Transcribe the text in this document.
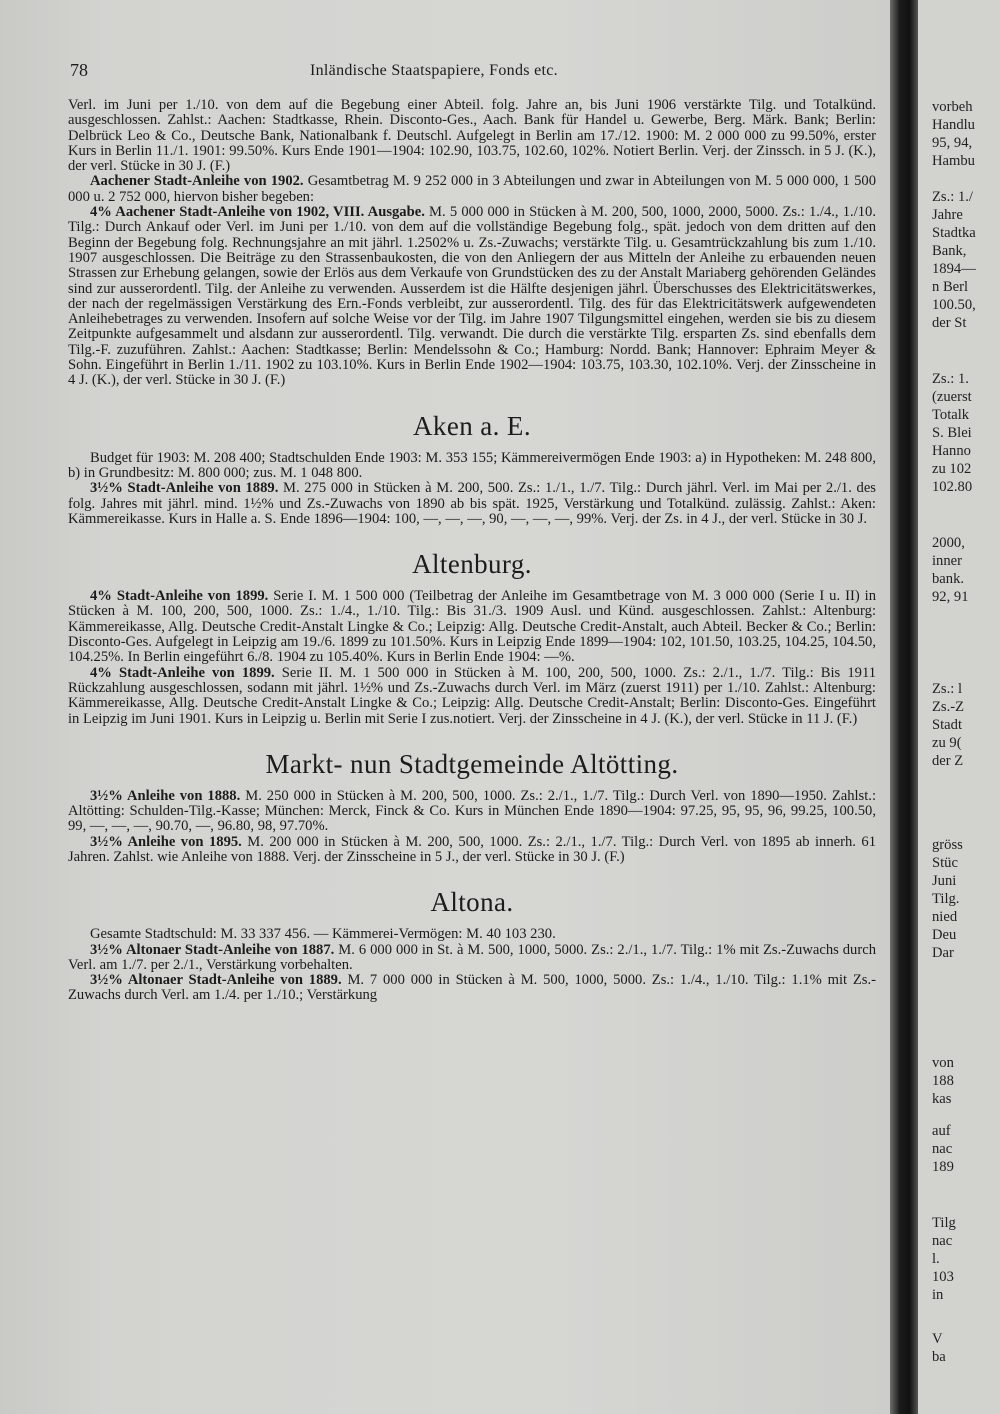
78	Inländische Staatspapiere, Fonds etc.

Verl. im Juni per 1./10. von dem auf die Begebung einer Abteil. folg. Jahre an, bis Juni 1906 verstärkte Tilg. und Totalkünd. ausgeschlossen. Zahlst.: Aachen: Stadtkasse, Rhein. Disconto-Ges., Aach. Bank für Handel u. Gewerbe, Berg. Märk. Bank; Berlin: Delbrück Leo & Co., Deutsche Bank, Nationalbank f. Deutschl. Aufgelegt in Berlin am 17./12. 1900: M. 2 000 000 zu 99.50%, erster Kurs in Berlin 11./1. 1901: 99.50%. Kurs Ende 1901—1904: 102.90, 103.75, 102.60, 102%. Notiert Berlin. Verj. der Zinssch. in 5 J. (K.), der verl. Stücke in 30 J. (F.)

Aachener Stadt-Anleihe von 1902. Gesamtbetrag M. 9 252 000 in 3 Abteilungen und zwar in Abteilungen von M. 5 000 000, 1 500 000 u. 2 752 000, hiervon bisher begeben:

4% Aachener Stadt-Anleihe von 1902, VIII. Ausgabe. M. 5 000 000 in Stücken à M. 200, 500, 1000, 2000, 5000. Zs.: 1./4., 1./10. Tilg.: Durch Ankauf oder Verl. im Juni per 1./10. von dem auf die vollständige Begebung folg., spät. jedoch von dem dritten auf den Beginn der Begebung folg. Rechnungsjahre an mit jährl. 1.2502% u. Zs.-Zuwachs; verstärkte Tilg. u. Gesamtrückzahlung bis zum 1./10. 1907 ausgeschlossen. Die Beiträge zu den Strassenbaukosten, die von den Anliegern der aus Mitteln der Anleihe zu erbauenden neuen Strassen zur Erhebung gelangen, sowie der Erlös aus dem Verkaufe von Grundstücken des zu der Anstalt Mariaberg gehörenden Geländes sind zur ausserordentl. Tilg. der Anleihe zu verwenden. Ausserdem ist die Hälfte desjenigen jährl. Überschusses des Elektricitätswerkes, der nach der regelmässigen Verstärkung des Ern.-Fonds verbleibt, zur ausserordentl. Tilg. des für das Elektricitätswerk aufgewendeten Anleihebetrages zu verwenden. Insofern auf solche Weise vor der Tilg. im Jahre 1907 Tilgungsmittel eingehen, werden sie bis zu diesem Zeitpunkte aufgesammelt und alsdann zur ausserordentl. Tilg. verwandt. Die durch die verstärkte Tilg. ersparten Zs. sind ebenfalls dem Tilg.-F. zuzuführen. Zahlst.: Aachen: Stadtkasse; Berlin: Mendelssohn & Co.; Hamburg: Nordd. Bank; Hannover: Ephraim Meyer & Sohn. Eingeführt in Berlin 1./11. 1902 zu 103.10%. Kurs in Berlin Ende 1902—1904: 103.75, 103.30, 102.10%. Verj. der Zinsscheine in 4 J. (K.), der verl. Stücke in 30 J. (F.)

Aken a. E.

Budget für 1903: M. 208 400; Stadtschulden Ende 1903: M. 353 155; Kämmereivermögen Ende 1903: a) in Hypotheken: M. 248 800, b) in Grundbesitz: M. 800 000; zus. M. 1 048 800.

3½% Stadt-Anleihe von 1889. M. 275 000 in Stücken à M. 200, 500. Zs.: 1./1., 1./7. Tilg.: Durch jährl. Verl. im Mai per 2./1. des folg. Jahres mit jährl. mind. 1½% und Zs.-Zuwachs von 1890 ab bis spät. 1925, Verstärkung und Totalkünd. zulässig. Zahlst.: Aken: Kämmereikasse. Kurs in Halle a. S. Ende 1896—1904: 100, —, —, —, 90, —, —, —, 99%. Verj. der Zs. in 4 J., der verl. Stücke in 30 J.

Altenburg.

4% Stadt-Anleihe von 1899. Serie I. M. 1 500 000 (Teilbetrag der Anleihe im Gesamtbetrage von M. 3 000 000 (Serie I u. II) in Stücken à M. 100, 200, 500, 1000. Zs.: 1./4., 1./10. Tilg.: Bis 31./3. 1909 Ausl. und Künd. ausgeschlossen. Zahlst.: Altenburg: Kämmereikasse, Allg. Deutsche Credit-Anstalt Lingke & Co.; Leipzig: Allg. Deutsche Credit-Anstalt, auch Abteil. Becker & Co.; Berlin: Disconto-Ges. Aufgelegt in Leipzig am 19./6. 1899 zu 101.50%. Kurs in Leipzig Ende 1899—1904: 102, 101.50, 103.25, 104.25, 104.50, 104.25%. In Berlin eingeführt 6./8. 1904 zu 105.40%. Kurs in Berlin Ende 1904: —%.

4% Stadt-Anleihe von 1899. Serie II. M. 1 500 000 in Stücken à M. 100, 200, 500, 1000. Zs.: 2./1., 1./7. Tilg.: Bis 1911 Rückzahlung ausgeschlossen, sodann mit jährl. 1½% und Zs.-Zuwachs durch Verl. im März (zuerst 1911) per 1./10. Zahlst.: Altenburg: Kämmereikasse, Allg. Deutsche Credit-Anstalt Lingke & Co.; Leipzig: Allg. Deutsche Credit-Anstalt; Berlin: Disconto-Ges. Eingeführt in Leipzig im Juni 1901. Kurs in Leipzig u. Berlin mit Serie I zus.notiert. Verj. der Zinsscheine in 4 J. (K.), der verl. Stücke in 11 J. (F.)

Markt- nun Stadtgemeinde Altötting.

3½% Anleihe von 1888. M. 250 000 in Stücken à M. 200, 500, 1000. Zs.: 2./1., 1./7. Tilg.: Durch Verl. von 1890—1950. Zahlst.: Altötting: Schulden-Tilg.-Kasse; München: Merck, Finck & Co. Kurs in München Ende 1890—1904: 97.25, 95, 95, 96, 99.25, 100.50, 99, —, —, —, 90.70, —, 96.80, 98, 97.70%.

3½% Anleihe von 1895. M. 200 000 in Stücken à M. 200, 500, 1000. Zs.: 2./1., 1./7. Tilg.: Durch Verl. von 1895 ab innerh. 61 Jahren. Zahlst. wie Anleihe von 1888. Verj. der Zinsscheine in 5 J., der verl. Stücke in 30 J. (F.)

Altona.

Gesamte Stadtschuld: M. 33 337 456. — Kämmerei-Vermögen: M. 40 103 230.

3½% Altonaer Stadt-Anleihe von 1887. M. 6 000 000 in St. à M. 500, 1000, 5000. Zs.: 2./1., 1./7. Tilg.: 1% mit Zs.-Zuwachs durch Verl. am 1./7. per 2./1., Verstärkung vorbehalten.

3½% Altonaer Stadt-Anleihe von 1889. M. 7 000 000 in Stücken à M. 500, 1000, 5000. Zs.: 1./4., 1./10. Tilg.: 1.1% mit Zs.-Zuwachs durch Verl. am 1./4. per 1./10.; Verstärkung

vorbeh
Handlu
95, 94,
Hambu
Zs.: 1./
Jahre
Stadtka
Bank,
1894—
n Berl
100.50,
der St
Zs.: 1.
(zuerst
Totalk
S. Blei
Hanno
zu 102
102.80
2000,
inner
bank.
92, 91
Zs.: l
Zs.-Z
Stadt
zu 9(
der Z
gröss
Stüc
Juni
Tilg.
nied
Deu
Dar
von
188
kas
auf
nac
189
Tilg
nac
l.
103
in
V
ba
